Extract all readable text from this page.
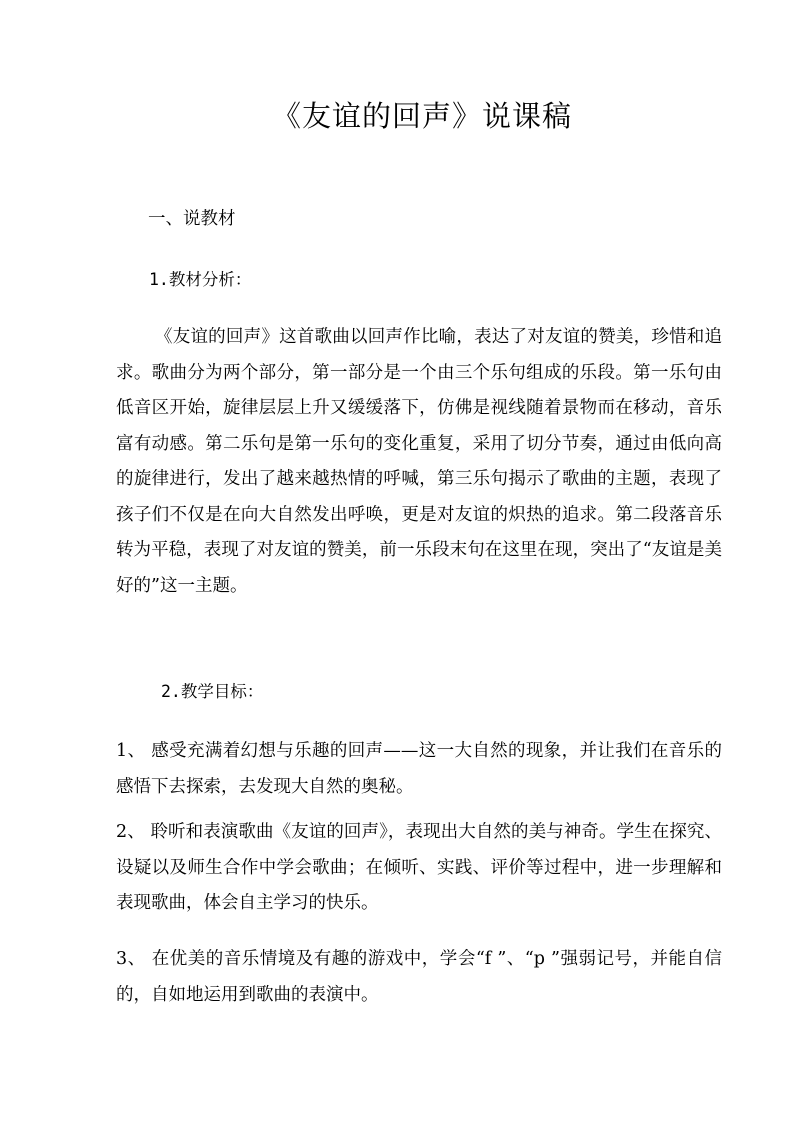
《友谊的回声》说课稿
一、说教材
1.教材分析：
《友谊的回声》这首歌曲以回声作比喻，表达了对友谊的赞美，珍惜和追求。歌曲分为两个部分，第一部分是一个由三个乐句组成的乐段。第一乐句由低音区开始，旋律层层上升又缓缓落下，仿佛是视线随着景物而在移动，音乐富有动感。第二乐句是第一乐句的变化重复，采用了切分节奏，通过由低向高的旋律进行，发出了越来越热情的呼喊，第三乐句揭示了歌曲的主题，表现了孩子们不仅是在向大自然发出呼唤，更是对友谊的炽热的追求。第二段落音乐转为平稳，表现了对友谊的赞美，前一乐段末句在这里在现，突出了“友谊是美好的”这一主题。
2.教学目标：
1、 感受充满着幻想与乐趣的回声——这一大自然的现象，并让我们在音乐的感悟下去探索，去发现大自然的奥秘。
2、 聆听和表演歌曲《友谊的回声》，表现出大自然的美与神奇。学生在探究、设疑以及师生合作中学会歌曲；在倾听、实践、评价等过程中，进一步理解和表现歌曲，体会自主学习的快乐。
3、 在优美的音乐情境及有趣的游戏中，学会“f ”、“p ”强弱记号，并能自信的，自如地运用到歌曲的表演中。
